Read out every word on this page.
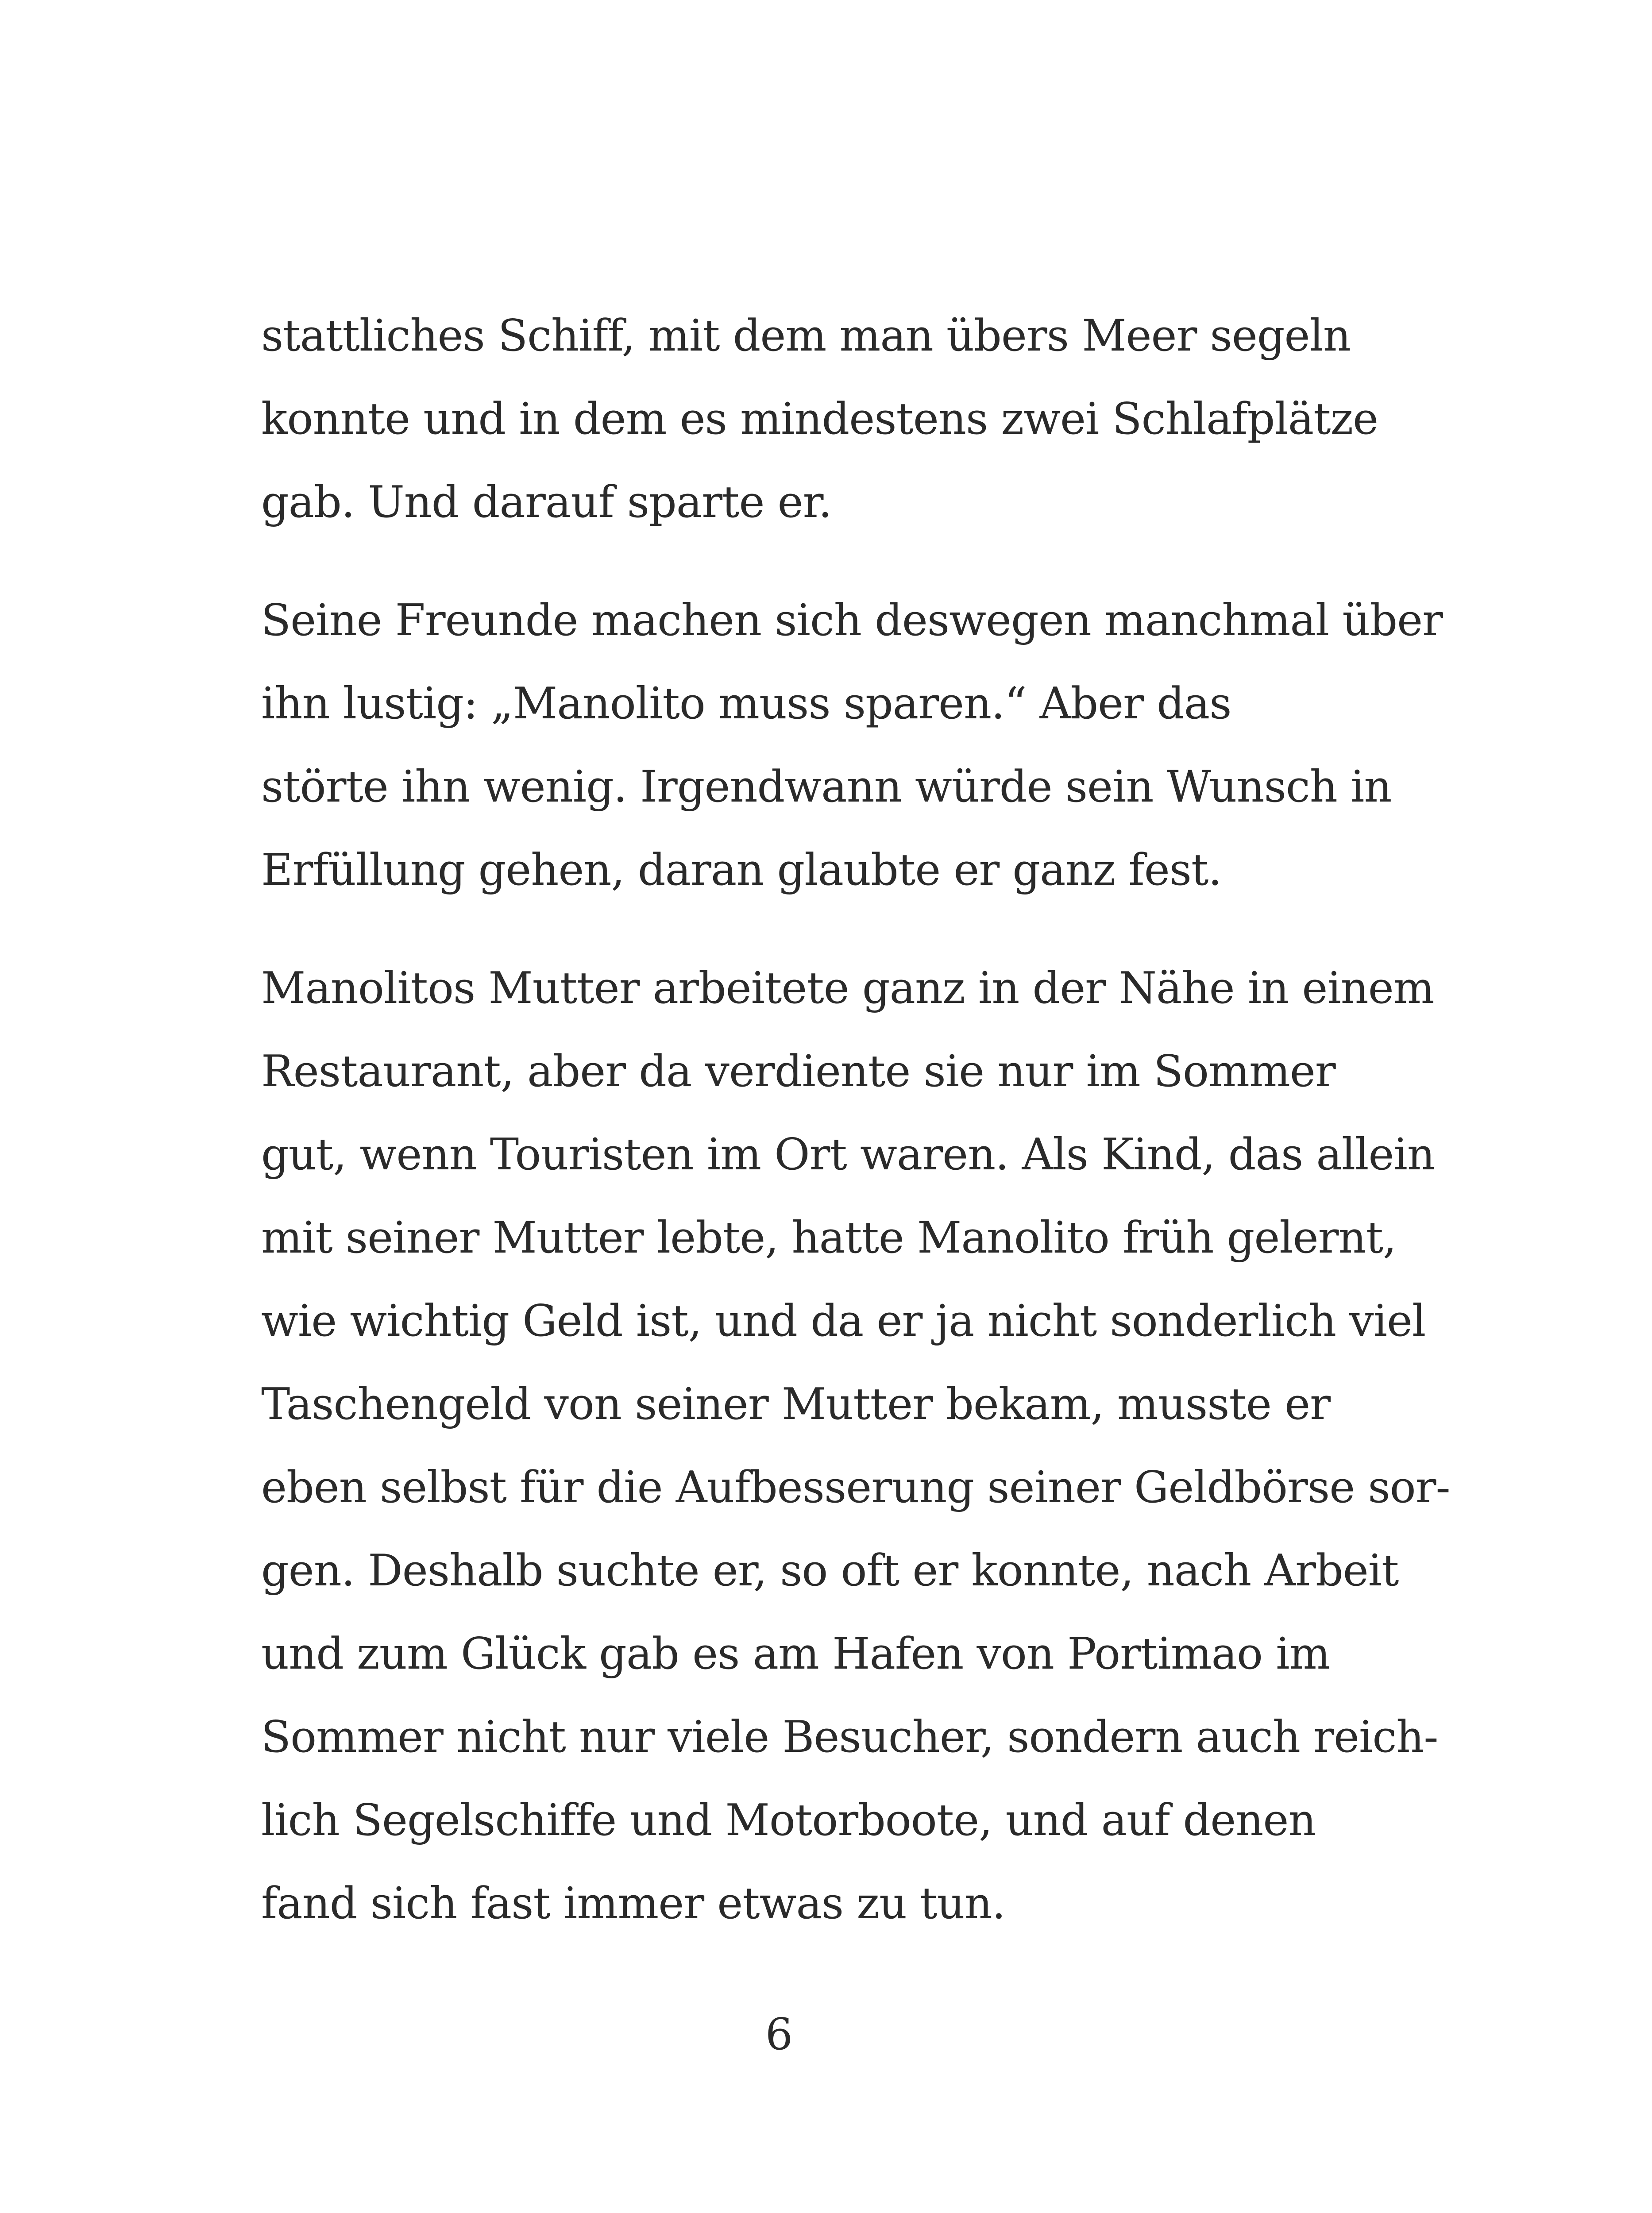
stattliches Schiff, mit dem man übers Meer segeln
konnte und in dem es mindestens zwei Schlafplätze
gab. Und darauf sparte er.

Seine Freunde machen sich deswegen manchmal über
ihn lustig: „Manolito muss sparen.“ Aber das
störte ihn wenig. Irgendwann würde sein Wunsch in
Erfüllung gehen, daran glaubte er ganz fest.

Manolitos Mutter arbeitete ganz in der Nähe in einem
Restaurant, aber da verdiente sie nur im Sommer
gut, wenn Touristen im Ort waren. Als Kind, das allein
mit seiner Mutter lebte, hatte Manolito früh gelernt,
wie wichtig Geld ist, und da er ja nicht sonderlich viel
Taschengeld von seiner Mutter bekam, musste er
eben selbst für die Aufbesserung seiner Geldbörse sor-
gen. Deshalb suchte er, so oft er konnte, nach Arbeit
und zum Glück gab es am Hafen von Portimao im
Sommer nicht nur viele Besucher, sondern auch reich-
lich Segelschiffe und Motorboote, und auf denen
fand sich fast immer etwas zu tun.

6
